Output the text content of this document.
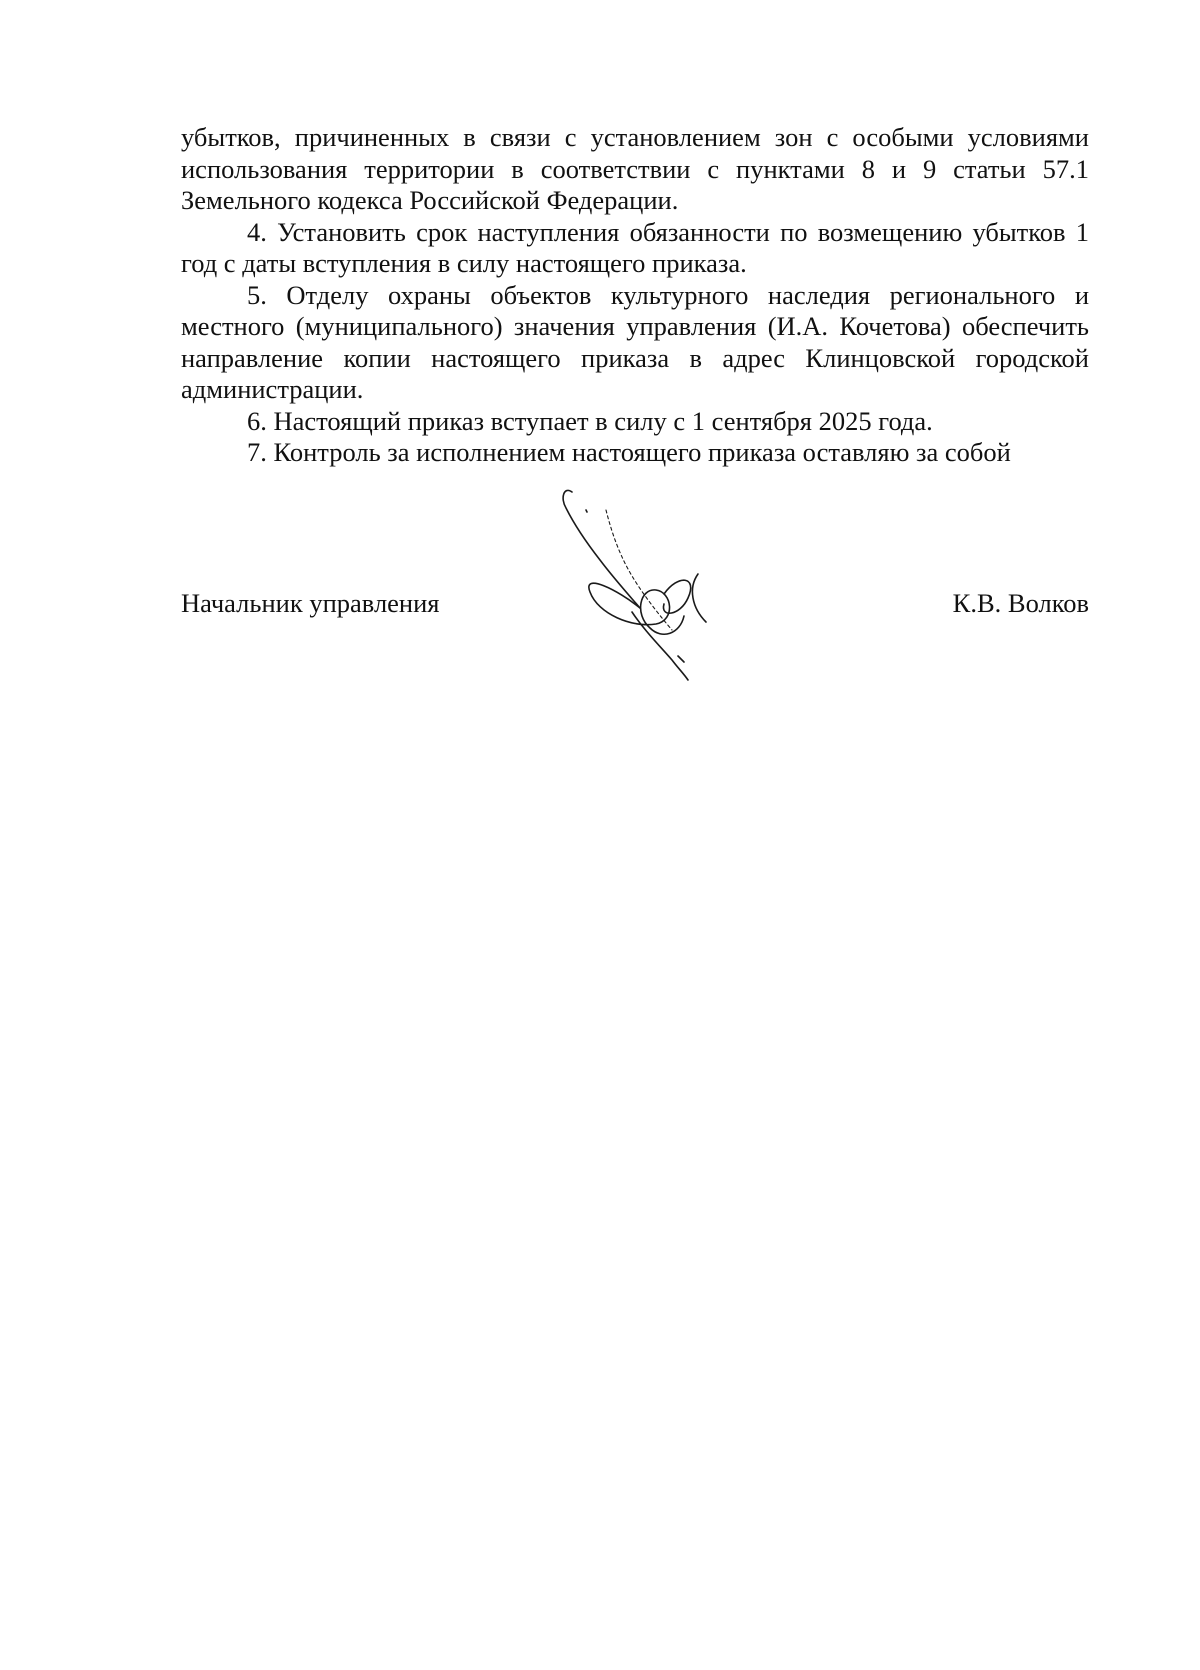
убытков, причиненных в связи с установлением зон с особыми условиями использования территории в соответствии с пунктами 8 и 9 статьи 57.1 Земельного кодекса Российской Федерации.

4. Установить срок наступления обязанности по возмещению убытков 1 год с даты вступления в силу настоящего приказа.

5. Отделу охраны объектов культурного наследия регионального и местного (муниципального) значения управления (И.А. Кочетова) обеспечить направление копии настоящего приказа в адрес Клинцовской городской администрации.

6. Настоящий приказ вступает в силу с 1 сентября 2025 года.

7. Контроль за исполнением настоящего приказа оставляю за собой

Начальник управления	К.В. Волков
